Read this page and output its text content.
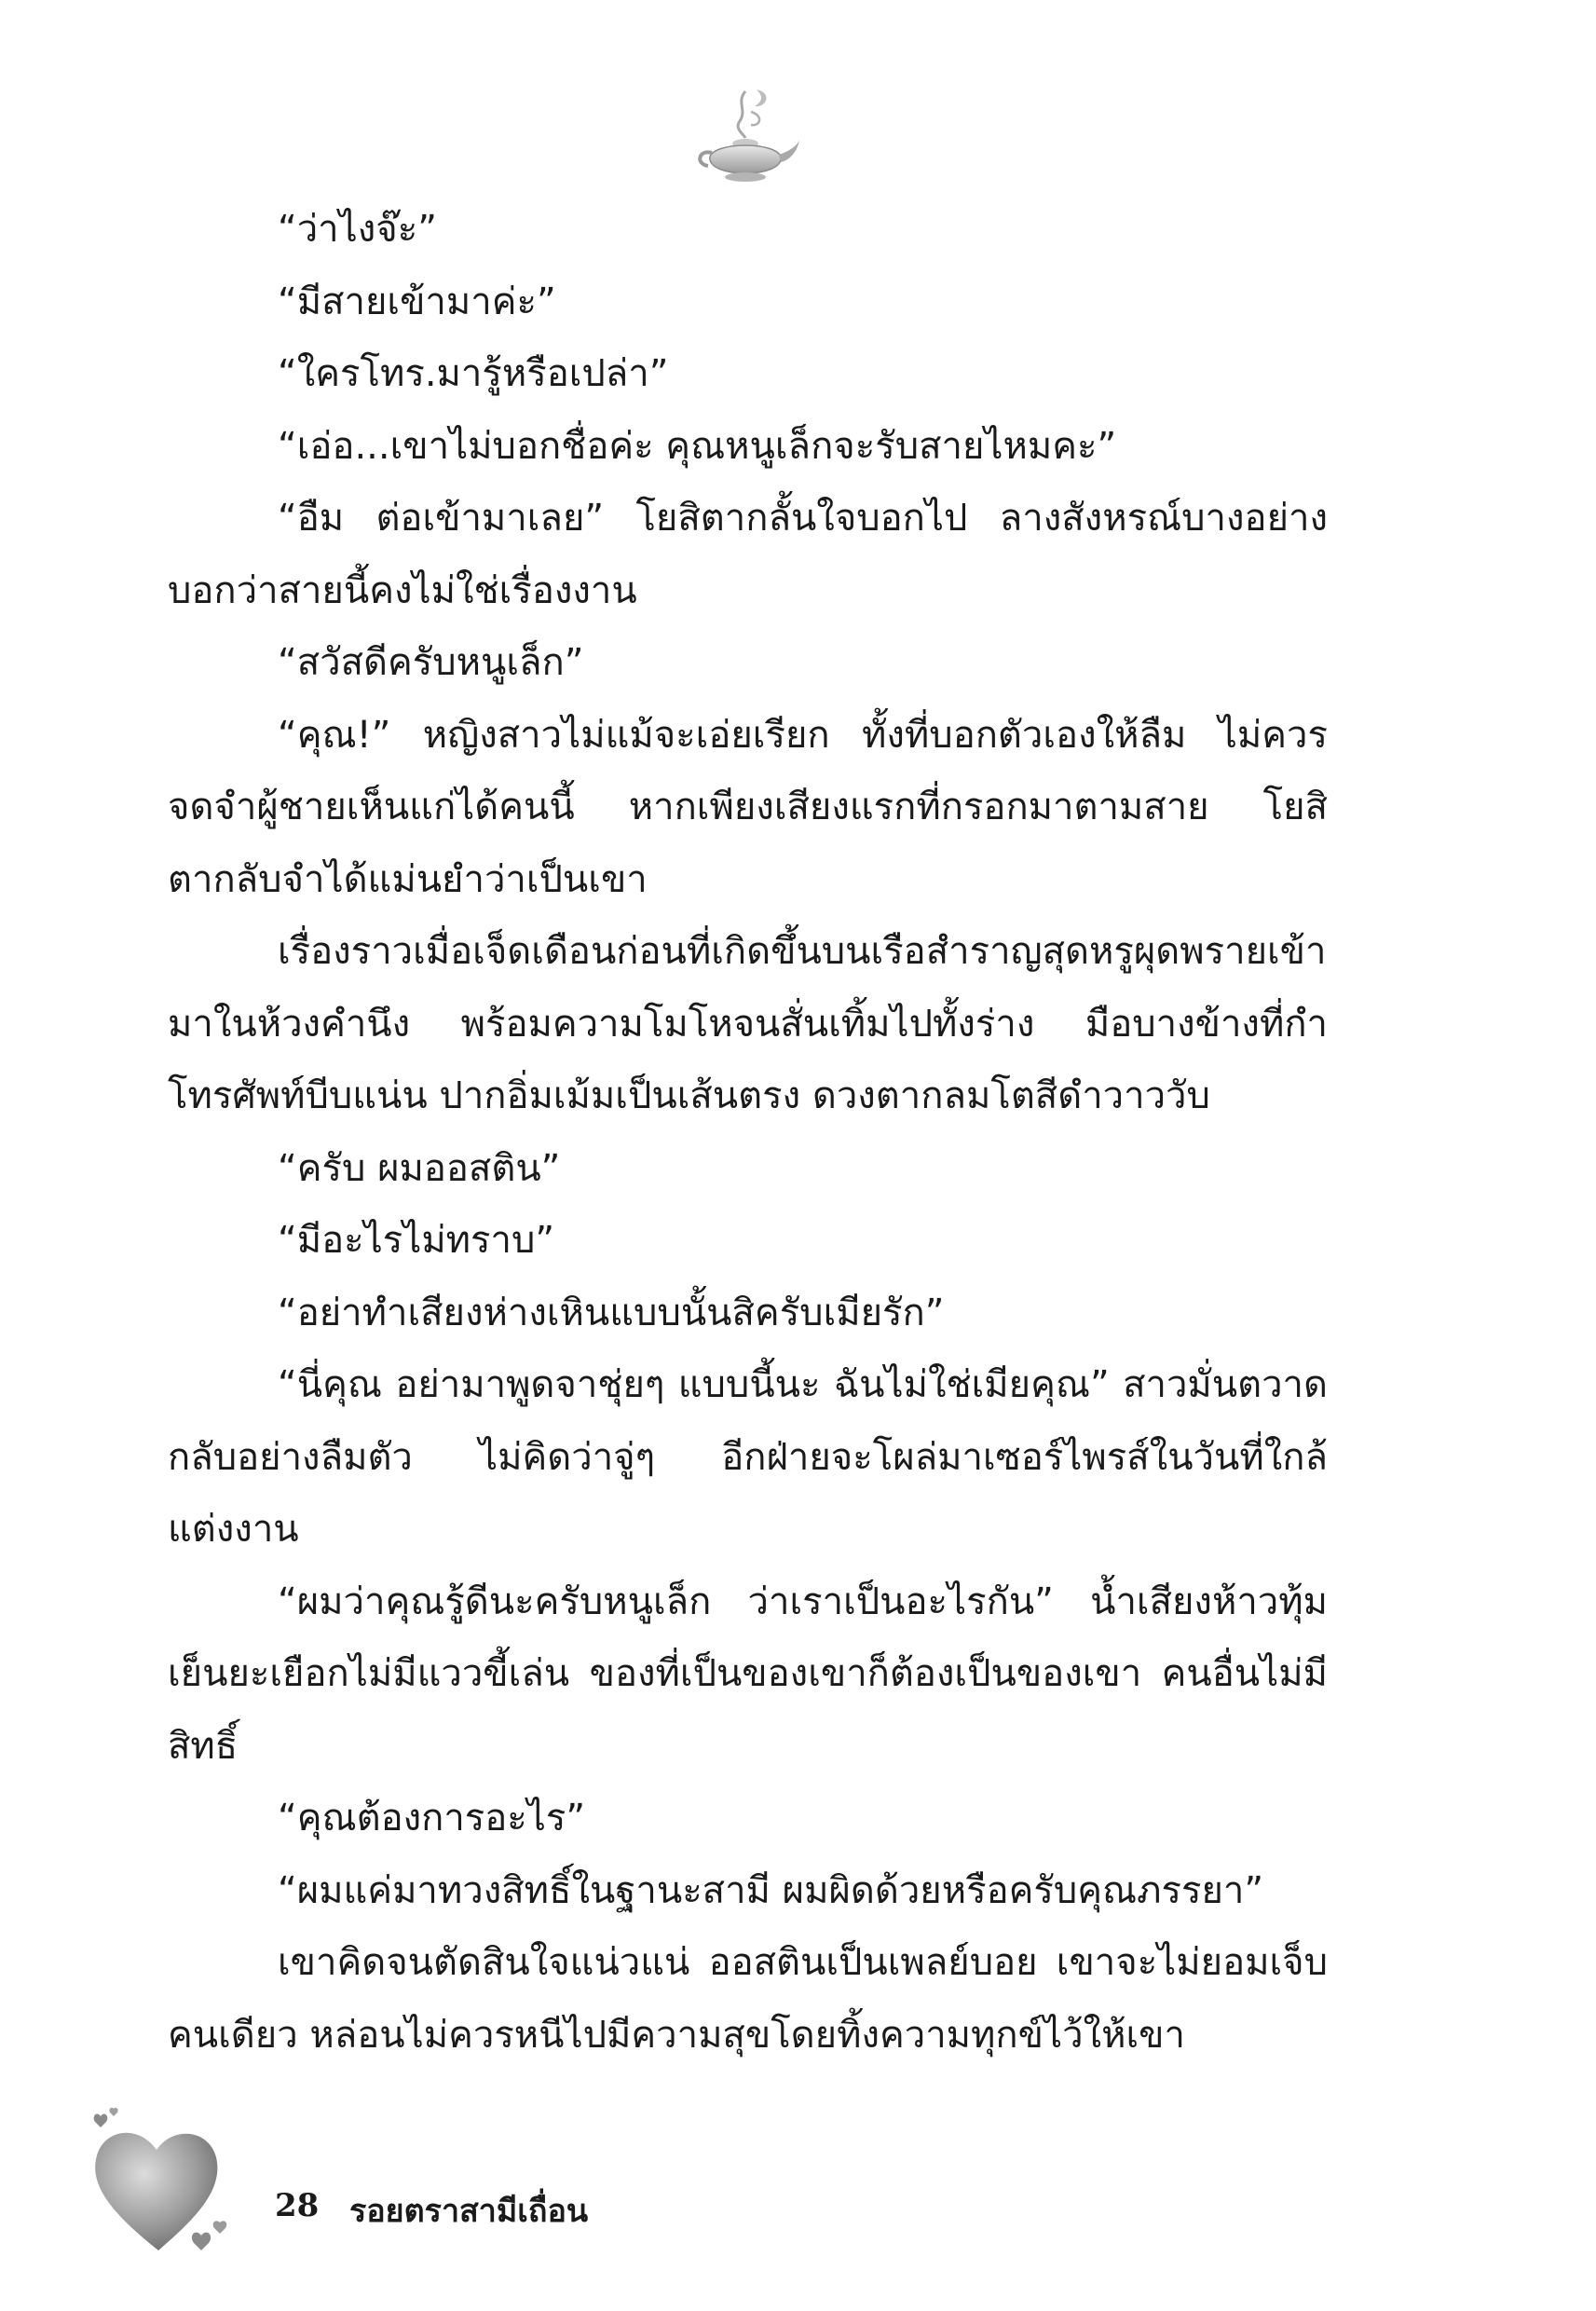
“ว่าไงจ๊ะ”

“มีสายเข้ามาค่ะ”

“ใครโทร.มารู้หรือเปล่า”

“เอ่อ...เขาไม่บอกชื่อค่ะ คุณหนูเล็กจะรับสายไหมคะ”

“อืม ต่อเข้ามาเลย” โยสิตากลั้นใจบอกไป ลางสังหรณ์บางอย่างบอกว่าสายนี้คงไม่ใช่เรื่องงาน

“สวัสดีครับหนูเล็ก”

“คุณ!” หญิงสาวไม่แม้จะเอ่ยเรียก ทั้งที่บอกตัวเองให้ลืม ไม่ควรจดจำผู้ชายเห็นแก่ได้คนนี้ หากเพียงเสียงแรกที่กรอกมาตามสาย โยสิตากลับจำได้แม่นยำว่าเป็นเขา

เรื่องราวเมื่อเจ็ดเดือนก่อนที่เกิดขึ้นบนเรือสำราญสุดหรูผุดพรายเข้ามาในห้วงคำนึง พร้อมความโมโหจนสั่นเทิ้มไปทั้งร่าง มือบางข้างที่กำโทรศัพท์บีบแน่น ปากอิ่มเม้มเป็นเส้นตรง ดวงตากลมโตสีดำวาววับ

“ครับ ผมออสติน”

“มีอะไรไม่ทราบ”

“อย่าทำเสียงห่างเหินแบบนั้นสิครับเมียรัก”

“นี่คุณ อย่ามาพูดจาชุ่ยๆ แบบนี้นะ ฉันไม่ใช่เมียคุณ” สาวมั่นตวาดกลับอย่างลืมตัว ไม่คิดว่าจู่ๆ อีกฝ่ายจะโผล่มาเซอร์ไพรส์ในวันที่ใกล้แต่งงาน

“ผมว่าคุณรู้ดีนะครับหนูเล็ก ว่าเราเป็นอะไรกัน” น้ำเสียงห้าวทุ้มเย็นยะเยือกไม่มีแววขี้เล่น ของที่เป็นของเขาก็ต้องเป็นของเขา คนอื่นไม่มีสิทธิ์

“คุณต้องการอะไร”

“ผมแค่มาทวงสิทธิ์ในฐานะสามี ผมผิดด้วยหรือครับคุณภรรยา”

เขาคิดจนตัดสินใจแน่วแน่ ออสตินเป็นเพลย์บอย เขาจะไม่ยอมเจ็บคนเดียว หล่อนไม่ควรหนีไปมีความสุขโดยทิ้งความทุกข์ไว้ให้เขา

28 รอยตราสามีเถื่อน
